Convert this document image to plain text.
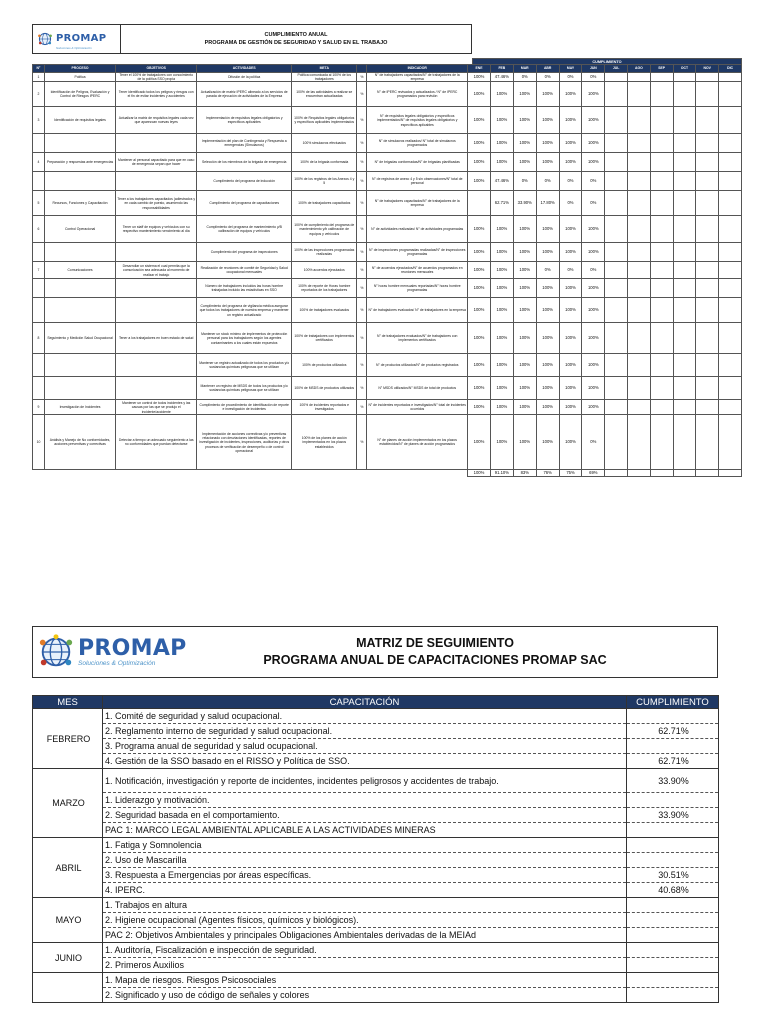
PROMAP
Soluciones & Optimización
CUMPLIMIENTO ANUAL
PROGRAMA DE GESTIÓN DE SEGURIDAD Y SALUD EN EL TRABAJO
CUMPLIMIENTO
N°	PROCESO	OBJETIVOS	ACTIVIDADES	META		INDICADOR	ENE	FEB	MAR	ABR	MAY	JUN	JUL	AGO	SEP	OCT	NOV	DIC
1	Política	Tener el 100% de trabajadores con conocimiento de la política SSO propia	Difusión de la política	Política comunicada al 100% de los trabajadores	%	N° de trabajadores capacitados/N° de trabajadores de la empresa	100%	47.46%	0%	0%	0%	0%						
2	Identificación de Peligros, Evaluación y Control de Riesgos IPERC	Tener identificado todos los peligros y riesgos con el fin de evitar incidentes y accidentes	Actualización de matriz IPERC alineado a los servicios de parada de ejecución de actividades de la Empresa	100% de las actividades a realizar se encuentran actualizadas	%	N° de IPERC revisados y actualizados / N° de IPERC programados para revisión	100%	100%	100%	100%	100%	100%						
3	Identificación de requisitos legales	Actualizar la matriz de requisitos legales cada vez que aparezcan nuevas leyes	Implementación de requisitos legales obligatorios y específicos aplicables	100% de Requisitos legales obligatorios y específicos aplicables implementados	%	N° de requisitos legales obligatorios y específicos implementados/N° de requisitos legales obligatorios y específicos aplicables	100%	100%	100%	100%	100%	100%						
			Implementación del plan de Contingencia y Respuesta a emergencias (Simulacros)	100% simulacros efectuados	%	N° de simulacros realizados/ N° total de simulacros programados	100%	100%	100%	100%	100%	100%						
4	Preparación y respuestas ante emergencias	Mantener al personal capacitado para que en caso de emergencia sepan que hacer	Selección de los miembros de la brigada de emergencia	100% de la brigada conformada	%	N° de brigadas conformadas/N° de brigadas planificadas	100%	100%	100%	100%	100%	100%						
			Cumplimiento del programa de inducción	100% de los registros de los Anexos 4 y 5	%	N° de registros de anexo 4 y 5 sin observaciones/N° total de personal	100%	47.46%	0%	0%	0%	0%						
5	Recursos, Funciones y Capacitación	Tener a los trabajadores capacitados (adiestrados y en cada cambio de puesto, asumiendo las responsabilidades	Cumplimiento del programa de capacitaciones	100% de trabajadores capacitados	%	N° de trabajadores capacitados/N° de trabajadores de la empresa		62.71%	33.90%	17.80%	0%	0%						
6	Control Operacional	Tener un staff de equipos y vehículos con su respectivo mantenimiento vencimiento al día	Cumplimiento del programa de mantenimiento y/B calibración de equipos y vehículos	100% de cumplimiento del programa de mantenimiento y/b calibración de equipos y vehículos	%	N° de actividades realizadas/ N° de actividades programadas	100%	100%	100%	100%	100%	100%						
			Cumplimiento del programa de inspecciones	100% de las inspecciones programadas realizadas	%	N° de inspecciones programadas realizadas/N° de inspecciones programadas	100%	100%	100%	100%	100%	100%						
7	Comunicaciones	Desarrollar un sistema el cual permita que la comunicación sea adecuada al momento de realizar el trabajo	Realización de reuniones de comité de Seguridad y Salud ocupacional mensuales	100% acuerdos ejecutados	%	N° de acuerdos ejecutados/N° de acuerdos programados en reuniones mensuales	100%	100%	100%	0%	0%	0%						
			Número de trabajadores incluidos las horas hombre trabajadas incluido las estadísticas en SSO	100% de reporte de Horas hombre reportados de los trabajadores	%	N° horas hombre mensuales reportadas/N° horas hombre programadas	100%	100%	100%	100%	100%	100%						
			Cumplimiento del programa de vigilancia médica asegurar que todos los trabajadores de nuestra empresa y mantener un registro actualizado	100% de trabajadores evaluados	%	N° de trabajadores evaluados/ N° de trabajadores en la empresa	100%	100%	100%	100%	100%	100%						
8	Seguimiento y Medición Salud Ocupacional	Tener a los trabajadores en buen estado de salud	Mantener un stock mínimo de implementos de protección personal para los trabajadores según los agentes contaminantes a los cuales están expuestos	100% de trabajadores con implementos certificados	%	N° de trabajadores evaluados/N° de trabajadores con implementos certificados	100%	100%	100%	100%	100%	100%						
			Mantener un registro actualizado de todos los productos y/o sustancias químicas peligrosas que se utilizan	100% de productos utilizados	%	N° de productos utilizados/N° de productos registrados	100%	100%	100%	100%	100%	100%						
			Mantener un registro de MSDS de todos los productos y/o sustancias químicas peligrosas que se utilizan	100% de MSDS de productos utilizados	%	N° MSDS utilizados/N° MSDS de total de productos	100%	100%	100%	100%	100%	100%						
9	Investigación de Incidentes	Mantener un control de todos incidentes y las causas por las que se produjo el incidente/accidente	Cumplimiento de procedimiento de identificación de reporte e investigación de incidentes	100% de incidentes reportados e investigados	%	N° de incidentes reportados e investigados/N° total de incidentes ocurridos	100%	100%	100%	100%	100%	100%						
10	Análisis y Manejo de No conformidades, acciones preventivas y correctivas	Detectar a tiempo un adecuado seguimiento a las no conformidades que puedan detectarse	Implementación de acciones correctivas y/o preventivas relacionado con desviaciones identificadas, reportes de investigación de incidentes, inspecciones, auditorías y otros procesos de verificación de desempeño o de control operacional	100% de los planes de acción implementados en los plazos establecidos	%	N° de planes de acción implementados en los plazos establecidos/N° de planes de acción programados	100%	100%	100%	100%	100%	0%						
							100%	91.10%	83%	76%	75%	69%						
PROMAP
Soluciones & Optimización
MATRIZ DE SEGUIMIENTO
PROGRAMA ANUAL DE CAPACITACIONES PROMAP SAC
MES	CAPACITACIÓN	CUMPLIMIENTO
FEBRERO	1. Comité de seguridad y salud ocupacional.	
	2. Reglamento interno de seguridad y salud ocupacional.	62.71%
	3. Programa anual de seguridad y salud ocupacional.	
	4. Gestión de la SSO basado en el RISSO y Política de SSO.	62.71%
MARZO	1. Notificación, investigación y reporte de incidentes, incidentes peligrosos y accidentes de trabajo.	33.90%
	1. Liderazgo y motivación.	
	2. Seguridad basada en el comportamiento.	33.90%
	PAC 1: MARCO LEGAL AMBIENTAL APLICABLE A LAS ACTIVIDADES MINERAS	
ABRIL	1. Fatiga y Somnolencia	
	2. Uso de Mascarilla	
	3. Respuesta a Emergencias por áreas específicas.	30.51%
	4. IPERC.	40.68%
MAYO	1. Trabajos en altura	
	2. Higiene ocupacional (Agentes físicos, químicos y biológicos).	
	PAC 2: Objetivos Ambientales y principales Obligaciones Ambientales derivadas de la MEIAd	
JUNIO	1. Auditoría, Fiscalización e inspección de seguridad.	
	2. Primeros Auxilios	
	1. Mapa de riesgos. Riesgos Psicosociales	
	2. Significado y uso de código de señales y colores	
